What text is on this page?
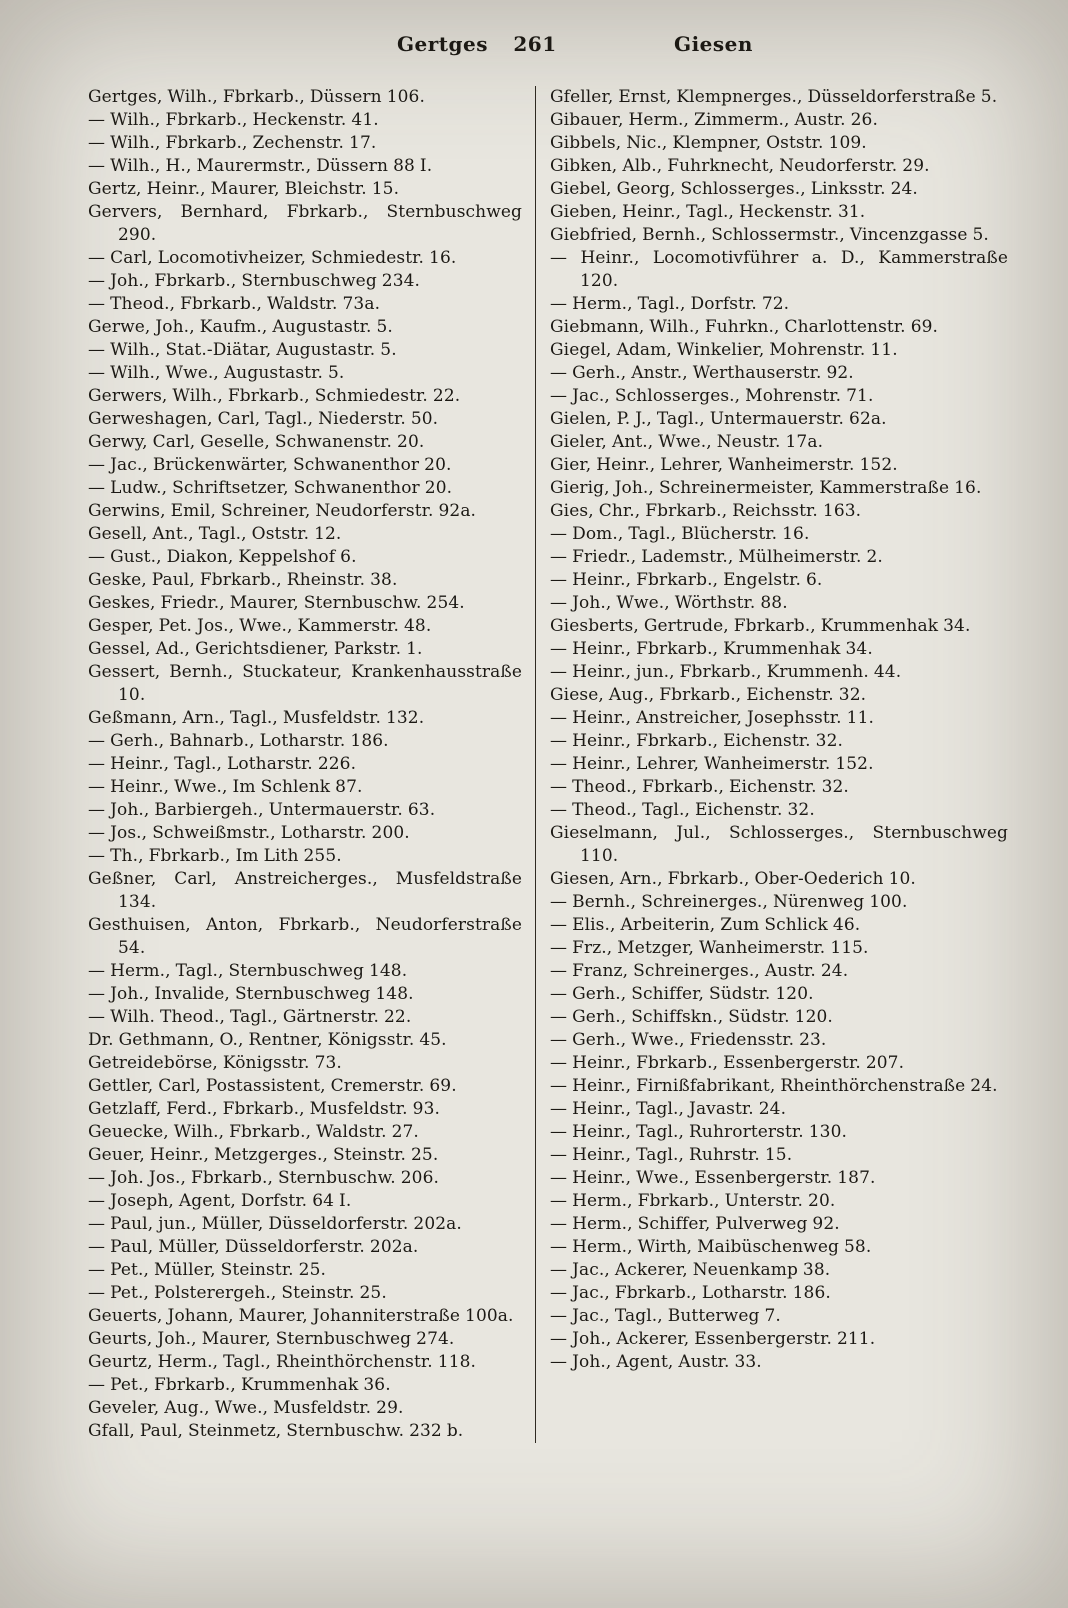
Gertges	261	Giesen

Gertges, Wilh., Fbrkarb., Düssern 106.

— Wilh., Fbrkarb., Heckenstr. 41.

— Wilh., Fbrkarb., Zechenstr. 17.

— Wilh., H., Maurermstr., Düssern 88 I.

Gertz, Heinr., Maurer, Bleichstr. 15.

Gervers, Bernhard, Fbrkarb., Sternbuschweg 290.

— Carl, Locomotivheizer, Schmiedestr. 16.

— Joh., Fbrkarb., Sternbuschweg 234.

— Theod., Fbrkarb., Waldstr. 73a.

Gerwe, Joh., Kaufm., Augustastr. 5.

— Wilh., Stat.-Diätar, Augustastr. 5.

— Wilh., Wwe., Augustastr. 5.

Gerwers, Wilh., Fbrkarb., Schmiedestr. 22.

Gerweshagen, Carl, Tagl., Niederstr. 50.

Gerwy, Carl, Geselle, Schwanenstr. 20.

— Jac., Brückenwärter, Schwanenthor 20.

— Ludw., Schriftsetzer, Schwanenthor 20.

Gerwins, Emil, Schreiner, Neudorferstr. 92a.

Gesell, Ant., Tagl., Oststr. 12.

— Gust., Diakon, Keppelshof 6.

Geske, Paul, Fbrkarb., Rheinstr. 38.

Geskes, Friedr., Maurer, Sternbuschw. 254.

Gesper, Pet. Jos., Wwe., Kammerstr. 48.

Gessel, Ad., Gerichtsdiener, Parkstr. 1.

Gessert, Bernh., Stuckateur, Krankenhausstraße 10.

Geßmann, Arn., Tagl., Musfeldstr. 132.

— Gerh., Bahnarb., Lotharstr. 186.

— Heinr., Tagl., Lotharstr. 226.

— Heinr., Wwe., Im Schlenk 87.

— Joh., Barbiergeh., Untermauerstr. 63.

— Jos., Schweißmstr., Lotharstr. 200.

— Th., Fbrkarb., Im Lith 255.

Geßner, Carl, Anstreicherges., Musfeldstraße 134.

Gesthuisen, Anton, Fbrkarb., Neudorferstraße 54.

— Herm., Tagl., Sternbuschweg 148.

— Joh., Invalide, Sternbuschweg 148.

— Wilh. Theod., Tagl., Gärtnerstr. 22.

Dr. Gethmann, O., Rentner, Königsstr. 45.

Getreidebörse, Königsstr. 73.

Gettler, Carl, Postassistent, Cremerstr. 69.

Getzlaff, Ferd., Fbrkarb., Musfeldstr. 93.

Geuecke, Wilh., Fbrkarb., Waldstr. 27.

Geuer, Heinr., Metzgerges., Steinstr. 25.

— Joh. Jos., Fbrkarb., Sternbuschw. 206.

— Joseph, Agent, Dorfstr. 64 I.

— Paul, jun., Müller, Düsseldorferstr. 202a.

— Paul, Müller, Düsseldorferstr. 202a.

— Pet., Müller, Steinstr. 25.

— Pet., Polsterergeh., Steinstr. 25.

Geuerts, Johann, Maurer, Johanniterstraße 100a.

Geurts, Joh., Maurer, Sternbuschweg 274.

Geurtz, Herm., Tagl., Rheinthörchenstr. 118.

— Pet., Fbrkarb., Krummenhak 36.

Geveler, Aug., Wwe., Musfeldstr. 29.

Gfall, Paul, Steinmetz, Sternbuschw. 232 b.

Gfeller, Ernst, Klempnerges., Düsseldorferstraße 5.

Gibauer, Herm., Zimmerm., Austr. 26.

Gibbels, Nic., Klempner, Oststr. 109.

Gibken, Alb., Fuhrknecht, Neudorferstr. 29.

Giebel, Georg, Schlosserges., Linksstr. 24.

Gieben, Heinr., Tagl., Heckenstr. 31.

Giebfried, Bernh., Schlossermstr., Vincenzgasse 5.

— Heinr., Locomotivführer a. D., Kammerstraße 120.

— Herm., Tagl., Dorfstr. 72.

Giebmann, Wilh., Fuhrkn., Charlottenstr. 69.

Giegel, Adam, Winkelier, Mohrenstr. 11.

— Gerh., Anstr., Werthauserstr. 92.

— Jac., Schlosserges., Mohrenstr. 71.

Gielen, P. J., Tagl., Untermauerstr. 62a.

Gieler, Ant., Wwe., Neustr. 17a.

Gier, Heinr., Lehrer, Wanheimerstr. 152.

Gierig, Joh., Schreinermeister, Kammerstraße 16.

Gies, Chr., Fbrkarb., Reichsstr. 163.

— Dom., Tagl., Blücherstr. 16.

— Friedr., Lademstr., Mülheimerstr. 2.

— Heinr., Fbrkarb., Engelstr. 6.

— Joh., Wwe., Wörthstr. 88.

Giesberts, Gertrude, Fbrkarb., Krummenhak 34.

— Heinr., Fbrkarb., Krummenhak 34.

— Heinr., jun., Fbrkarb., Krummenh. 44.

Giese, Aug., Fbrkarb., Eichenstr. 32.

— Heinr., Anstreicher, Josephsstr. 11.

— Heinr., Fbrkarb., Eichenstr. 32.

— Heinr., Lehrer, Wanheimerstr. 152.

— Theod., Fbrkarb., Eichenstr. 32.

— Theod., Tagl., Eichenstr. 32.

Gieselmann, Jul., Schlosserges., Sternbuschweg 110.

Giesen, Arn., Fbrkarb., Ober-Oederich 10.

— Bernh., Schreinerges., Nürenweg 100.

— Elis., Arbeiterin, Zum Schlick 46.

— Frz., Metzger, Wanheimerstr. 115.

— Franz, Schreinerges., Austr. 24.

— Gerh., Schiffer, Südstr. 120.

— Gerh., Schiffskn., Südstr. 120.

— Gerh., Wwe., Friedensstr. 23.

— Heinr., Fbrkarb., Essenbergerstr. 207.

— Heinr., Firnißfabrikant, Rheinthörchenstraße 24.

— Heinr., Tagl., Javastr. 24.

— Heinr., Tagl., Ruhrorterstr. 130.

— Heinr., Tagl., Ruhrstr. 15.

— Heinr., Wwe., Essenbergerstr. 187.

— Herm., Fbrkarb., Unterstr. 20.

— Herm., Schiffer, Pulverweg 92.

— Herm., Wirth, Maibüschenweg 58.

— Jac., Ackerer, Neuenkamp 38.

— Jac., Fbrkarb., Lotharstr. 186.

— Jac., Tagl., Butterweg 7.

— Joh., Ackerer, Essenbergerstr. 211.

— Joh., Agent, Austr. 33.
